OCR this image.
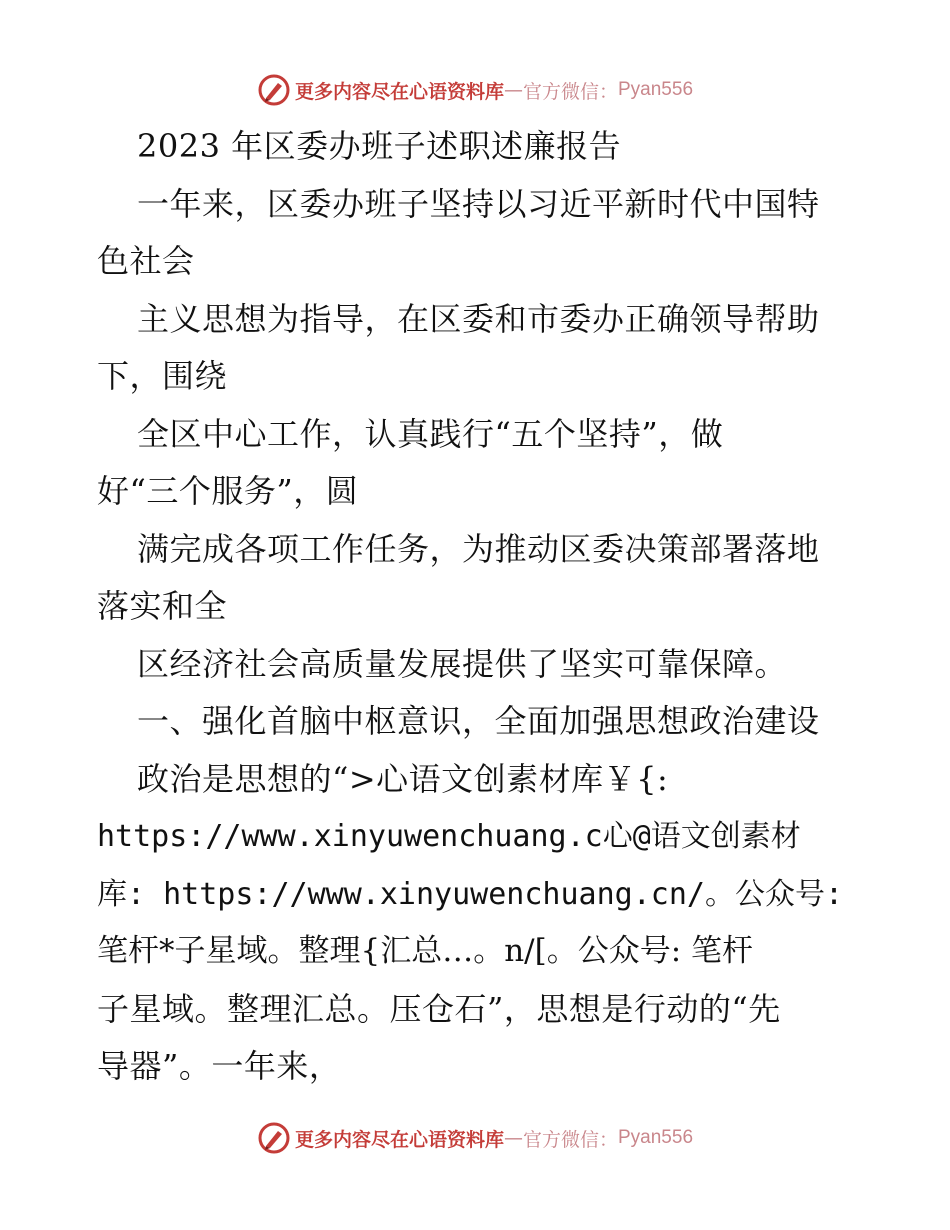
更多内容尽在心语资料库 — 官方微信： Pyan556
2023 年区委办班子述职述廉报告
一年来，区委办班子坚持以习近平新时代中国特
色社会
主义思想为指导，在区委和市委办正确领导帮助
下，围绕
全区中心工作，认真践行“五个坚持”，做
好“三个服务”，圆
满完成各项工作任务，为推动区委决策部署落地
落实和全
区经济社会高质量发展提供了坚实可靠保障。
一、强化首脑中枢意识，全面加强思想政治建设
政治是思想的“>心语文创素材库￥{:
https://www.xinyuwenchuang.c心@语文创素材
库: https://www.xinyuwenchuang.cn/。公众号:
笔杆*子星域。整理{汇总…。n/[。公众号: 笔杆
子星域。整理汇总。压仓石”，思想是行动的“先
导器”。一年来，
更多内容尽在心语资料库 — 官方微信： Pyan556
